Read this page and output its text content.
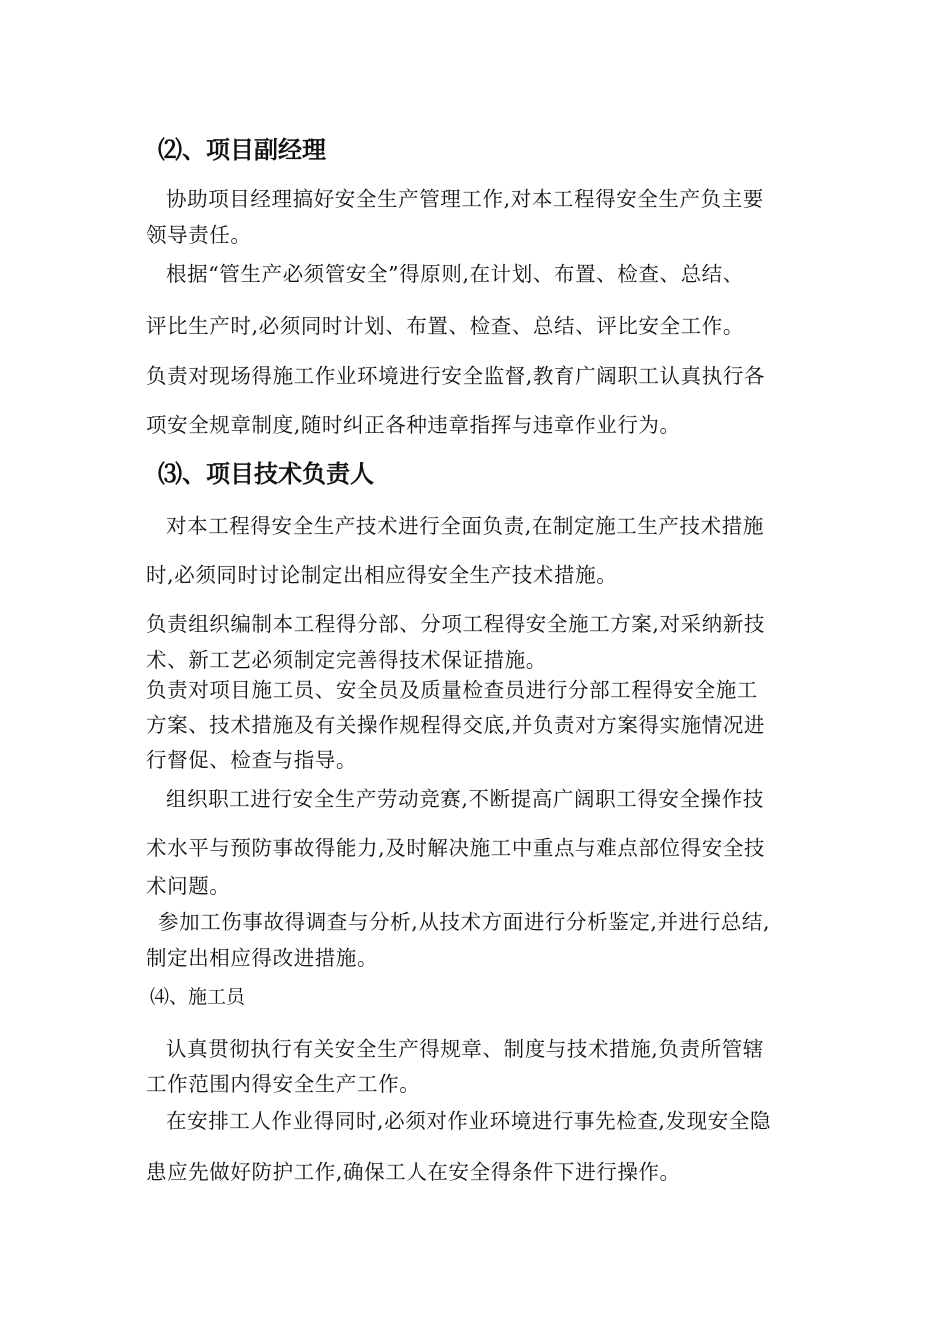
⑵、项目副经理
协助项目经理搞好安全生产管理工作,对本工程得安全生产负主要
领导责任。
根据“管生产必须管安全”得原则,在计划、布置、检查、总结、
评比生产时,必须同时计划、布置、检查、总结、评比安全工作。
负责对现场得施工作业环境进行安全监督,教育广阔职工认真执行各
项安全规章制度,随时纠正各种违章指挥与违章作业行为。
⑶、项目技术负责人
对本工程得安全生产技术进行全面负责,在制定施工生产技术措施
时,必须同时讨论制定出相应得安全生产技术措施。
负责组织编制本工程得分部、分项工程得安全施工方案,对采纳新技
术、新工艺必须制定完善得技术保证措施。
负责对项目施工员、安全员及质量检查员进行分部工程得安全施工
方案、技术措施及有关操作规程得交底,并负责对方案得实施情况进
行督促、检查与指导。
组织职工进行安全生产劳动竞赛,不断提高广阔职工得安全操作技
术水平与预防事故得能力,及时解决施工中重点与难点部位得安全技
术问题。
参加工伤事故得调查与分析,从技术方面进行分析鉴定,并进行总结,
制定出相应得改进措施。
⑷、施工员
认真贯彻执行有关安全生产得规章、制度与技术措施,负责所管辖
工作范围内得安全生产工作。
在安排工人作业得同时,必须对作业环境进行事先检查,发现安全隐
患应先做好防护工作,确保工人在安全得条件下进行操作。
